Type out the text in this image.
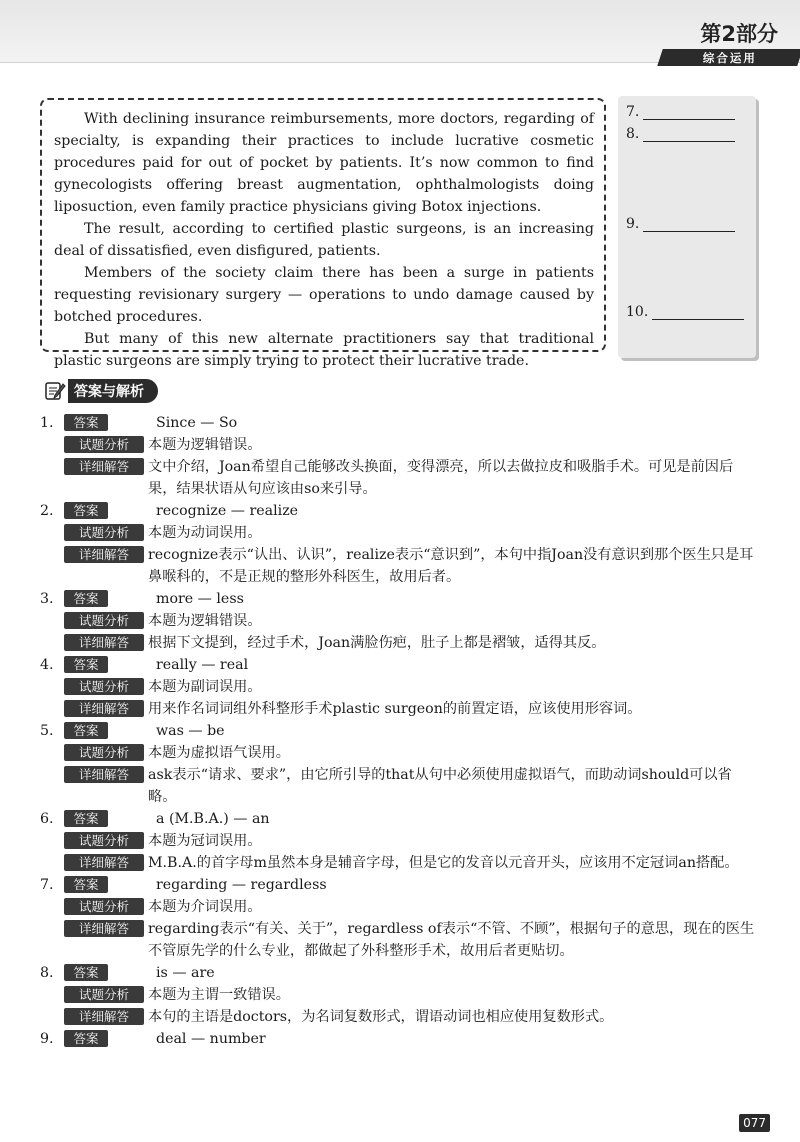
第2部分
综合运用

With declining insurance reimbursements, more doctors, regarding of specialty, is expanding their practices to include lucrative cosmetic procedures paid for out of pocket by patients. It’s now common to find gynecologists offering breast augmentation, ophthalmologists doing liposuction, even family practice physicians giving Botox injections.

The result, according to certified plastic surgeons, is an increasing deal of dissatisfied, even disfigured, patients.

Members of the society claim there has been a surge in patients requesting revisionary surgery — operations to undo damage caused by botched procedures.

But many of this new alternate practitioners say that traditional plastic surgeons are simply trying to protect their lucrative trade.

7.
8.
9.
10.
答案与解析
1.	答案	Since — So
试题分析	本题为逻辑错误。
详细解答	文中介绍，Joan希望自己能够改头换面，变得漂亮，所以去做拉皮和吸脂手术。可见是前因后果，结果状语从句应该由so来引导。
2.	答案	recognize — realize
试题分析	本题为动词误用。
详细解答	recognize表示“认出、认识”，realize表示“意识到”，本句中指Joan没有意识到那个医生只是耳鼻喉科的，不是正规的整形外科医生，故用后者。
3.	答案	more — less
试题分析	本题为逻辑错误。
详细解答	根据下文提到，经过手术，Joan满脸伤疤，肚子上都是褶皱，适得其反。
4.	答案	really — real
试题分析	本题为副词误用。
详细解答	用来作名词词组外科整形手术plastic surgeon的前置定语，应该使用形容词。
5.	答案	was — be
试题分析	本题为虚拟语气误用。
详细解答	ask表示“请求、要求”，由它所引导的that从句中必须使用虚拟语气，而助动词should可以省略。
6.	答案	a (M.B.A.) — an
试题分析	本题为冠词误用。
详细解答	M.B.A.的首字母m虽然本身是辅音字母，但是它的发音以元音开头，应该用不定冠词an搭配。
7.	答案	regarding — regardless
试题分析	本题为介词误用。
详细解答	regarding表示“有关、关于”，regardless of表示“不管、不顾”，根据句子的意思，现在的医生不管原先学的什么专业，都做起了外科整形手术，故用后者更贴切。
8.	答案	is — are
试题分析	本题为主谓一致错误。
详细解答	本句的主语是doctors，为名词复数形式，谓语动词也相应使用复数形式。
9.	答案	deal — number
077
